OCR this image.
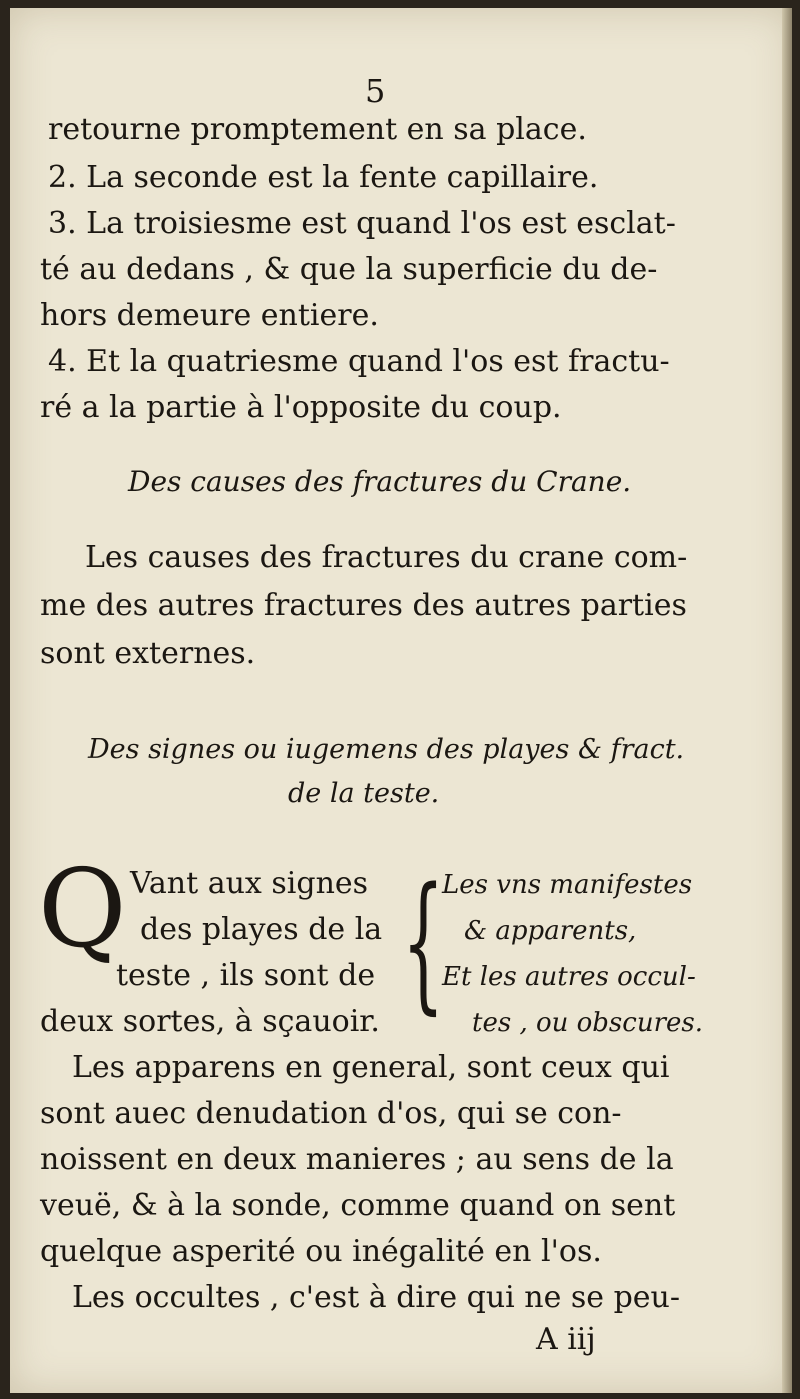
5
retourne promptement en sa place.
2. La seconde est la fente capillaire.
3. La troisiesme est quand l'os est esclat-
té au dedans , & que la superficie du de-
hors demeure entiere.
4. Et la quatriesme quand l'os est fractu-
ré a la partie à l'opposite du coup.
Des causes des fractures du Crane.
Les causes des fractures du crane com-
me des autres fractures des autres parties
sont externes.
Des signes ou iugemens des playes & fract.
de la teste.
Q Vant aux signes
des playes de la
teste , ils sont de
deux sortes, à sçauoir. {
Les vns manifestes
& apparents,
Et les autres occul-
tes , ou obscures.
Les apparens en general, sont ceux qui
sont auec denudation d'os, qui se con-
noissent en deux manieres ; au sens de la
veuë, & à la sonde, comme quand on sent
quelque asperité ou inégalité en l'os.
Les occultes , c'est à dire qui ne se peu-
A iij
